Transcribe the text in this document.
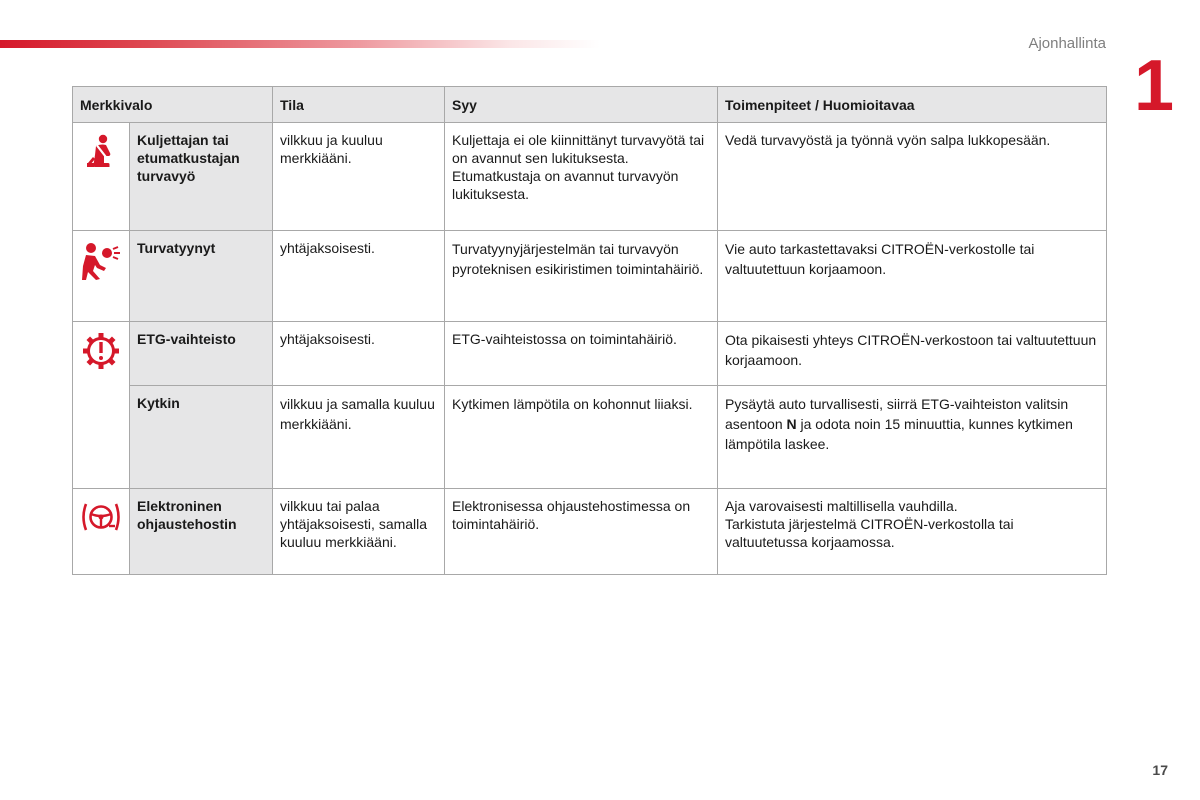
Ajonhallinta
1
Merkkivalo		Tila	Syy	Toimenpiteet / Huomioitavaa

	Kuljettajan tai etumatkustajan turvavyö	vilkkuu ja kuuluu merkkiääni.	Kuljettaja ei ole kiinnittänyt turvavyötä tai on avannut sen lukituksesta.
Etumatkustaja on avannut turvavyön lukituksesta.	Vedä turvavyöstä ja työnnä vyön salpa lukkopesään.

	Turvatyynyt	yhtäjaksoisesti.	Turvatyynyjärjestelmän tai turvavyön pyroteknisen esikiristimen toimintahäiriö.	Vie auto tarkastettavaksi CITROËN-verkostolle tai valtuutettuun korjaamoon.

	ETG-vaihteisto	yhtäjaksoisesti.	ETG-vaihteistossa on toimintahäiriö.	Ota pikaisesti yhteys CITROËN-verkostoon tai valtuutettuun korjaamoon.
	Kytkin	vilkkuu ja samalla kuuluu merkkiääni.	Kytkimen lämpötila on kohonnut liiaksi.	Pysäytä auto turvallisesti, siirrä ETG-vaihteiston valitsin asentoon N ja odota noin 15 minuuttia, kunnes kytkimen lämpötila laskee.

	Elektroninen ohjaustehostin	vilkkuu tai palaa yhtäjaksoisesti, samalla kuuluu merkkiääni.	Elektronisessa ohjaustehostimessa on toimintahäiriö.	Aja varovaisesti maltillisella vauhdilla.
Tarkistuta järjestelmä CITROËN-verkostolla tai valtuutetussa korjaamossa.
17
